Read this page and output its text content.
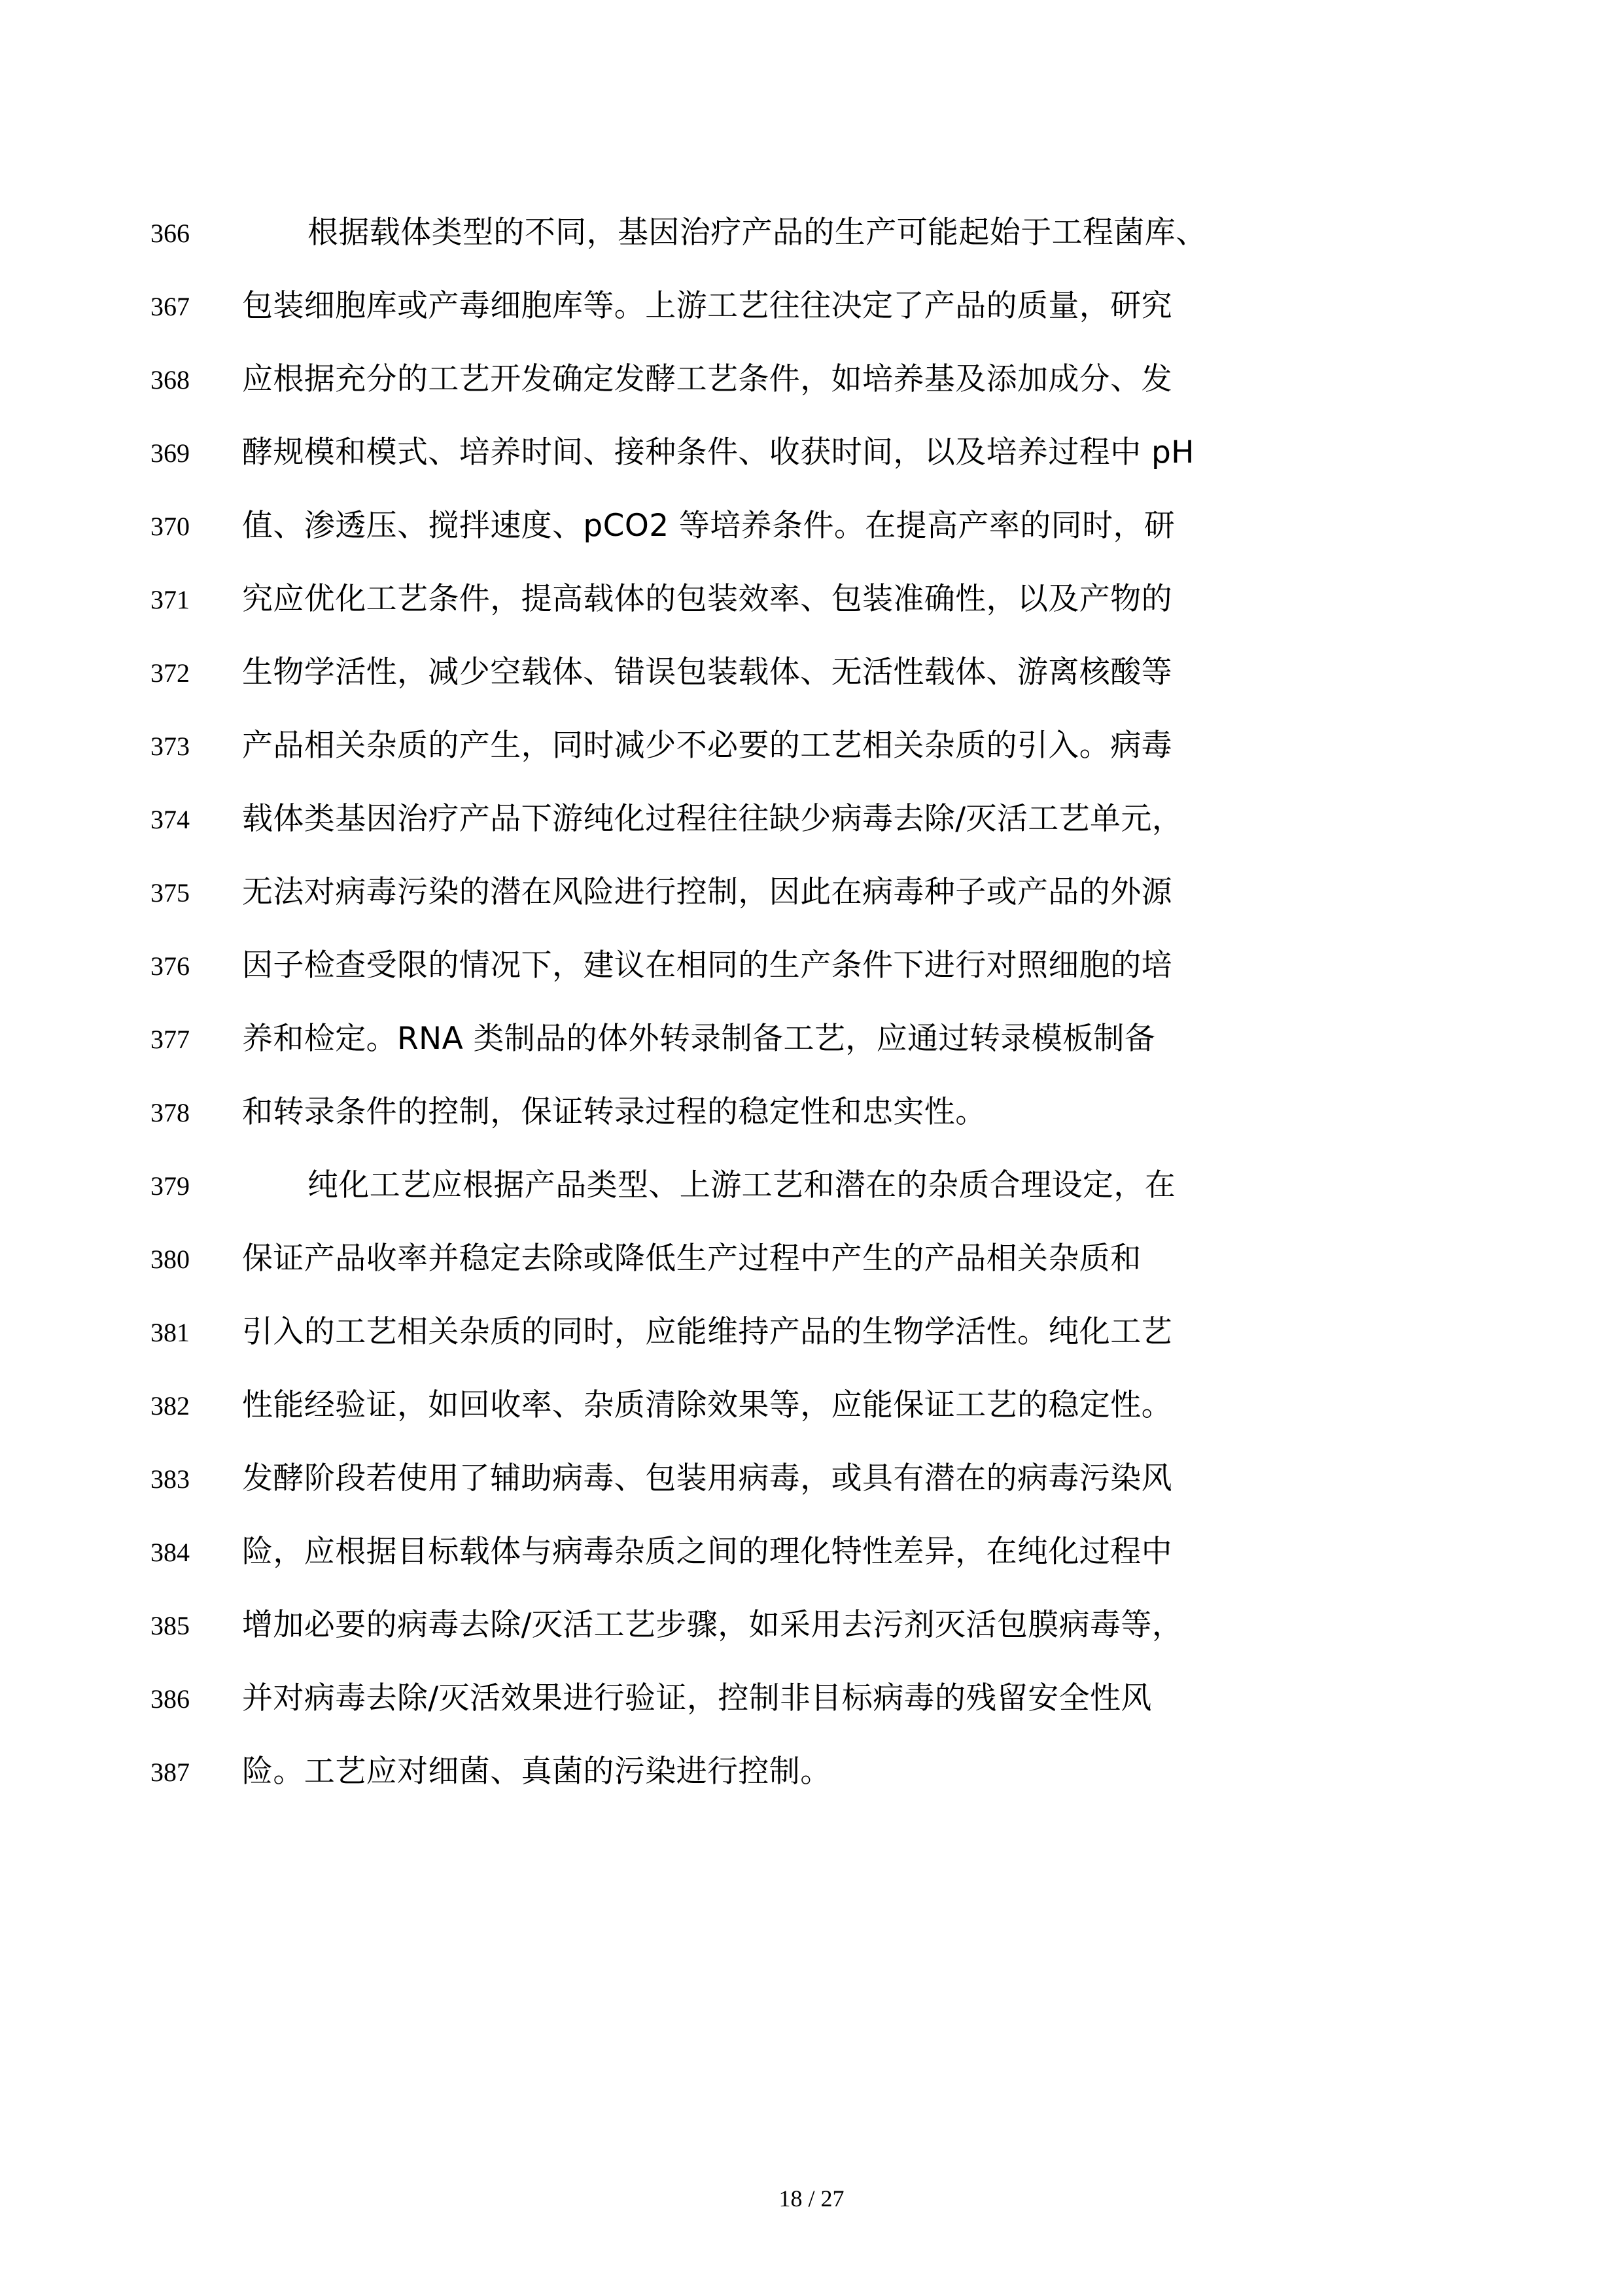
366	根据载体类型的不同，基因治疗产品的生产可能起始于工程菌库、
367	包装细胞库或产毒细胞库等。上游工艺往往决定了产品的质量，研究
368	应根据充分的工艺开发确定发酵工艺条件，如培养基及添加成分、发
369	酵规模和模式、培养时间、接种条件、收获时间，以及培养过程中 pH
370	值、渗透压、搅拌速度、pCO2 等培养条件。在提高产率的同时，研
371	究应优化工艺条件，提高载体的包装效率、包装准确性，以及产物的
372	生物学活性，减少空载体、错误包装载体、无活性载体、游离核酸等
373	产品相关杂质的产生，同时减少不必要的工艺相关杂质的引入。病毒
374	载体类基因治疗产品下游纯化过程往往缺少病毒去除/灭活工艺单元，
375	无法对病毒污染的潜在风险进行控制，因此在病毒种子或产品的外源
376	因子检查受限的情况下，建议在相同的生产条件下进行对照细胞的培
377	养和检定。RNA 类制品的体外转录制备工艺，应通过转录模板制备
378	和转录条件的控制，保证转录过程的稳定性和忠实性。
379	纯化工艺应根据产品类型、上游工艺和潜在的杂质合理设定，在
380	保证产品收率并稳定去除或降低生产过程中产生的产品相关杂质和
381	引入的工艺相关杂质的同时，应能维持产品的生物学活性。纯化工艺
382	性能经验证，如回收率、杂质清除效果等，应能保证工艺的稳定性。
383	发酵阶段若使用了辅助病毒、包装用病毒，或具有潜在的病毒污染风
384	险，应根据目标载体与病毒杂质之间的理化特性差异，在纯化过程中
385	增加必要的病毒去除/灭活工艺步骤，如采用去污剂灭活包膜病毒等，
386	并对病毒去除/灭活效果进行验证，控制非目标病毒的残留安全性风
387	险。工艺应对细菌、真菌的污染进行控制。
18 / 27
